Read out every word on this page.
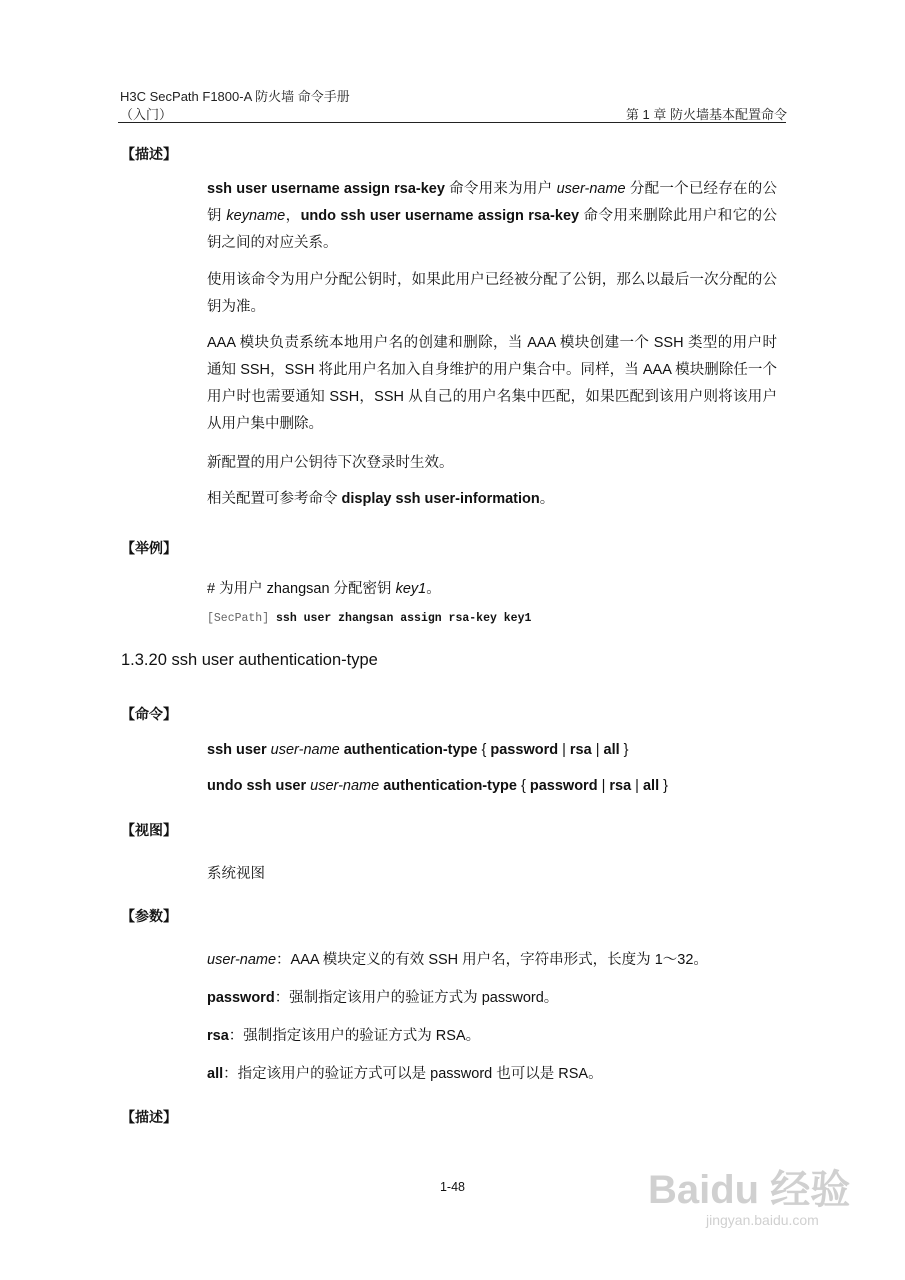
H3C SecPath F1800-A 防火墙 命令手册
（入门）	第 1 章 防火墙基本配置命令
【描述】
ssh user username assign rsa-key 命令用来为用户 user-name 分配一个已经存在的公钥 keyname，undo ssh user username assign rsa-key 命令用来删除此用户和它的公钥之间的对应关系。
使用该命令为用户分配公钥时，如果此用户已经被分配了公钥，那么以最后一次分配的公钥为准。
AAA 模块负责系统本地用户名的创建和删除，当 AAA 模块创建一个 SSH 类型的用户时通知 SSH，SSH 将此用户名加入自身维护的用户集合中。同样，当 AAA 模块删除任一个用户时也需要通知 SSH，SSH 从自己的用户名集中匹配，如果匹配到该用户则将该用户从用户集中删除。
新配置的用户公钥待下次登录时生效。
相关配置可参考命令 display ssh user-information。
【举例】
# 为用户 zhangsan 分配密钥 key1。
[SecPath] ssh user zhangsan assign rsa-key key1
1.3.20 ssh user authentication-type
【命令】
ssh user user-name authentication-type { password | rsa | all }
undo ssh user user-name authentication-type { password | rsa | all }
【视图】
系统视图
【参数】
user-name：AAA 模块定义的有效 SSH 用户名，字符串形式，长度为 1～32。
password：强制指定该用户的验证方式为 password。
rsa：强制指定该用户的验证方式为 RSA。
all：指定该用户的验证方式可以是 password 也可以是 RSA。
【描述】
1-48	Baidu 经验
jingyan.baidu.com
